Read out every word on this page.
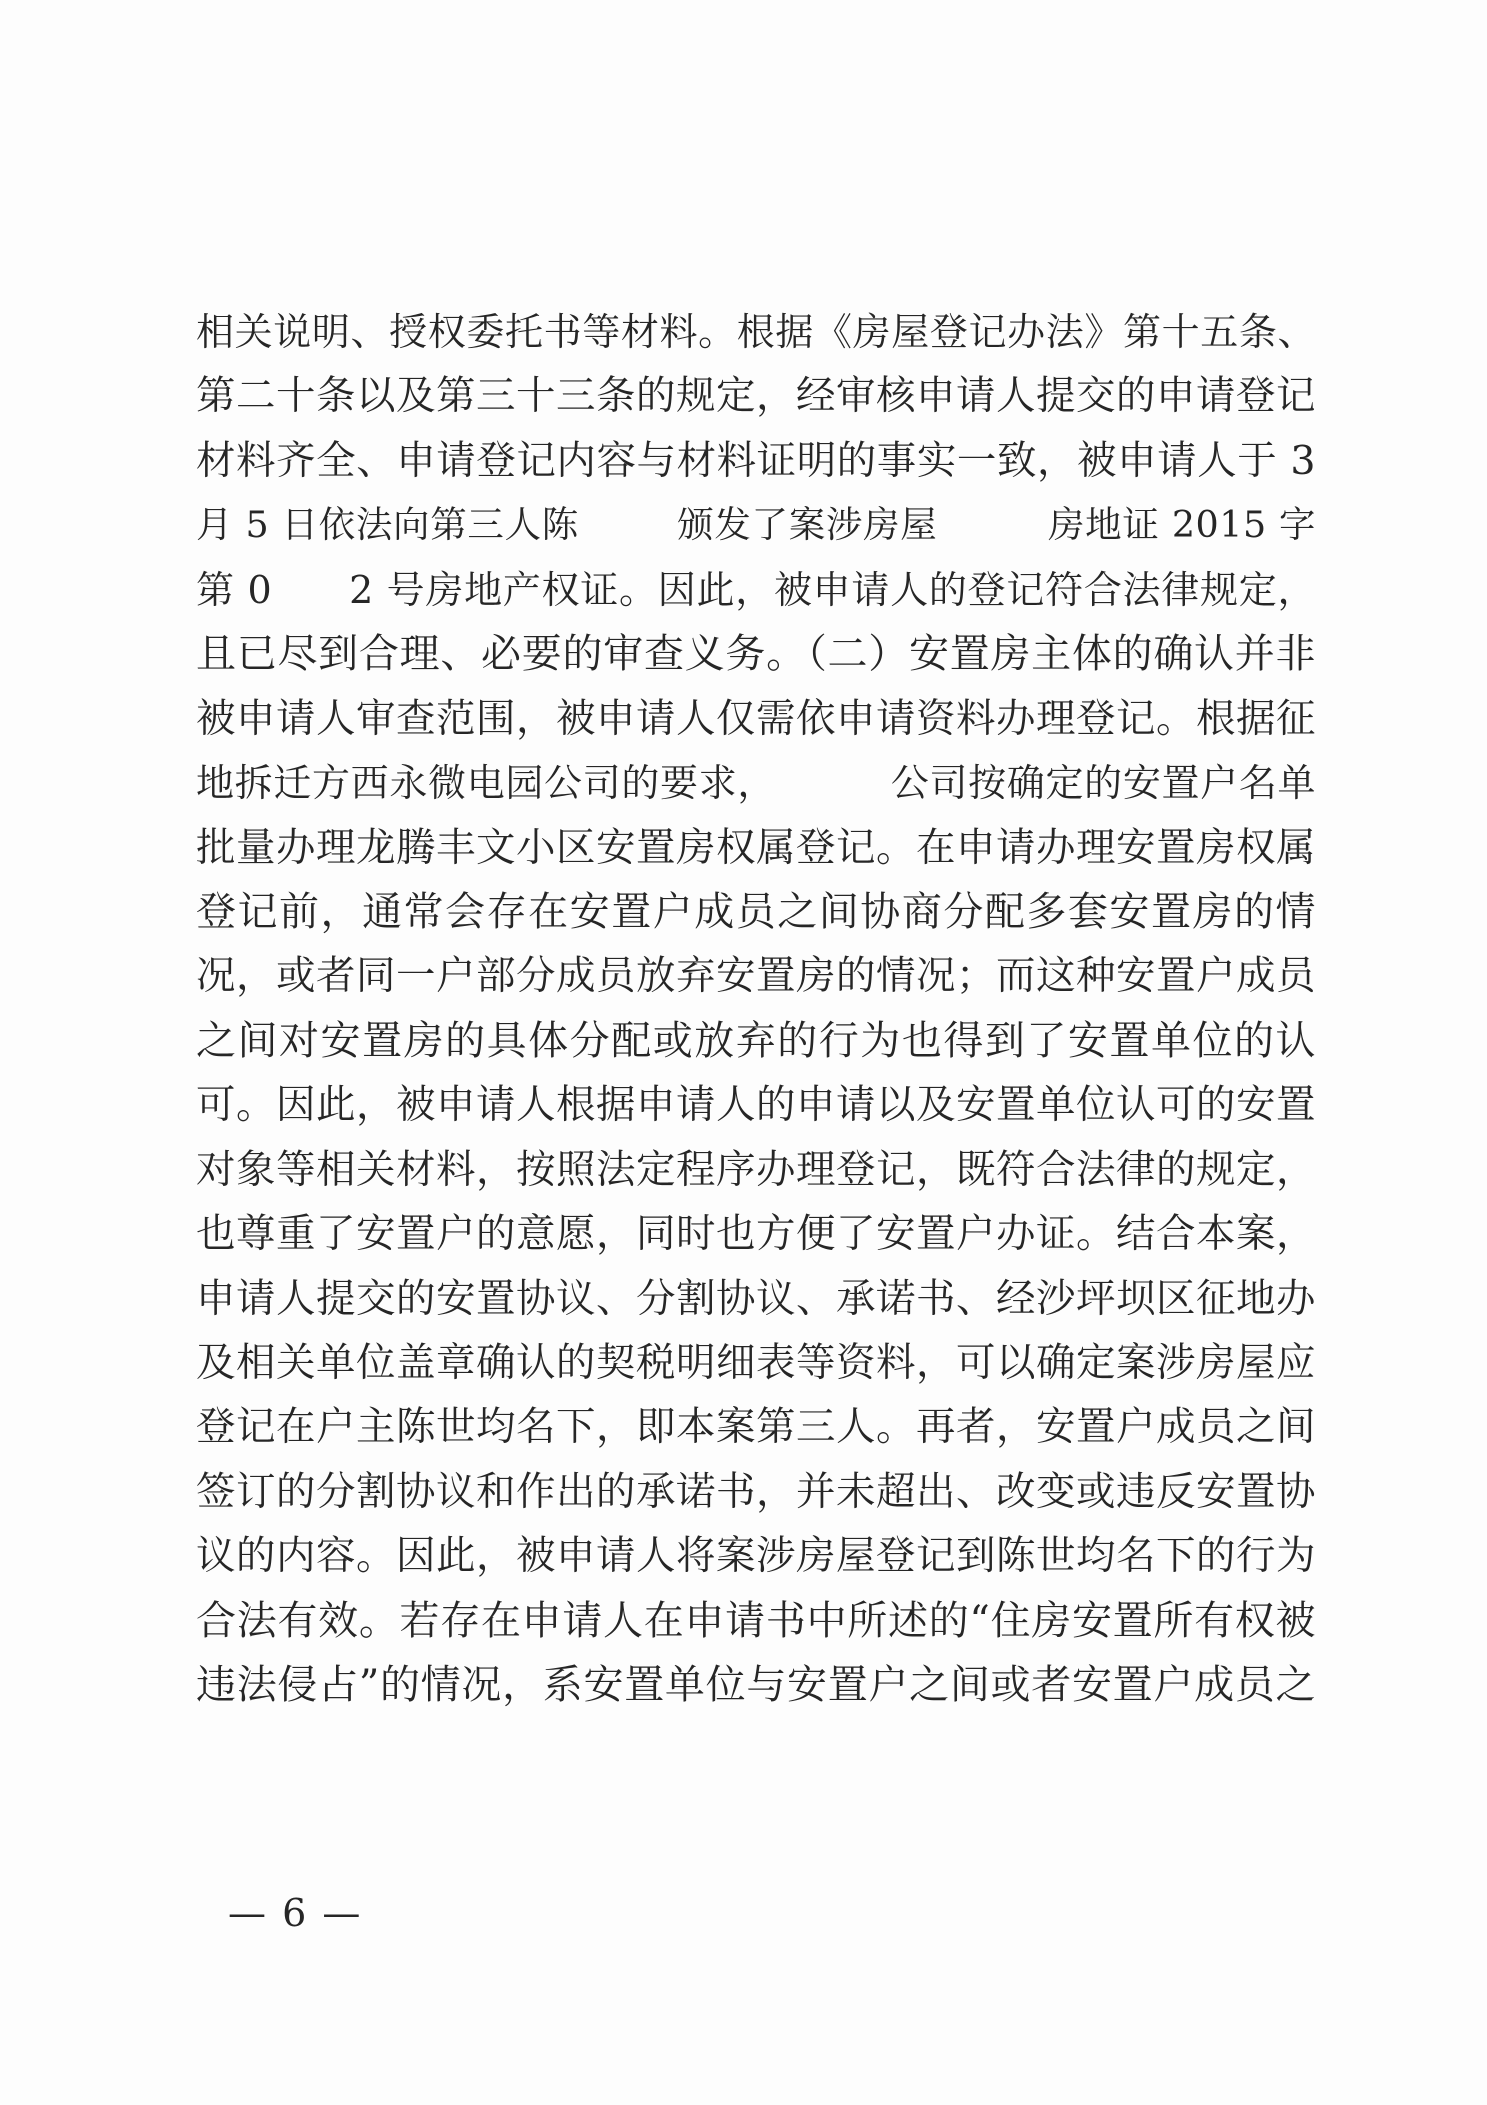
相关说明、授权委托书等材料。根据《房屋登记办法》第十五条、
第二十条以及第三十三条的规定，经审核申请人提交的申请登记
材料齐全、申请登记内容与材料证明的事实一致，被申请人于 3
月 5 日依法向第三人陈        颁发了案涉房屋         房地证 2015 字
第 0      2 号房地产权证。因此，被申请人的登记符合法律规定，
且已尽到合理、必要的审查义务。（二）安置房主体的确认并非
被申请人审查范围，被申请人仅需依申请资料办理登记。根据征
地拆迁方西永微电园公司的要求，         公司按确定的安置户名单
批量办理龙腾丰文小区安置房权属登记。在申请办理安置房权属
登记前，通常会存在安置户成员之间协商分配多套安置房的情
况，或者同一户部分成员放弃安置房的情况；而这种安置户成员
之间对安置房的具体分配或放弃的行为也得到了安置单位的认
可。因此，被申请人根据申请人的申请以及安置单位认可的安置
对象等相关材料，按照法定程序办理登记，既符合法律的规定，
也尊重了安置户的意愿，同时也方便了安置户办证。结合本案，
申请人提交的安置协议、分割协议、承诺书、经沙坪坝区征地办
及相关单位盖章确认的契税明细表等资料，可以确定案涉房屋应
登记在户主陈世均名下，即本案第三人。再者，安置户成员之间
签订的分割协议和作出的承诺书，并未超出、改变或违反安置协
议的内容。因此，被申请人将案涉房屋登记到陈世均名下的行为
合法有效。若存在申请人在申请书中所述的“住房安置所有权被
违法侵占”的情况，系安置单位与安置户之间或者安置户成员之
— 6 —
